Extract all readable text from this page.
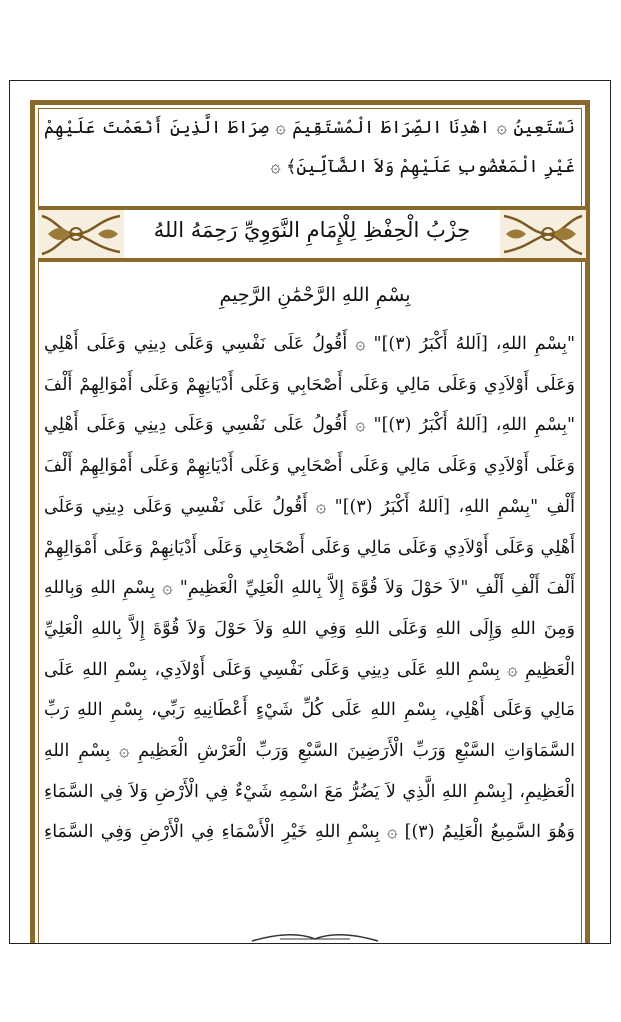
نَسْتَعِينُ ۞ اهْدِنَا الصِّرَاطَ الْمُسْتَقِيمَ ۞ صِرَاطَ الَّذِينَ أَنْعَمْتَ عَلَيْهِمْ غَيْرِ الْمَغْضُوبِ عَلَيْهِمْ وَلاَ الضَّآلِّينَ﴾ ۞
حِزْبُ الْحِفْظِ لِلْإِمَامِ النَّوَوِيِّ رَحِمَهُ اللهُ
بِسْمِ اللهِ الرَّحْمَٰنِ الرَّحِيمِ
"بِسْمِ اللهِ، [اَللهُ أَكْبَرُ (٣)]" ۞ أَقُولُ عَلَى نَفْسِي وَعَلَى دِينِي وَعَلَى أَهْلِي وَعَلَى أَوْلاَدِي وَعَلَى مَالِي وَعَلَى أَصْحَابِي وَعَلَى أَدْيَانِهِمْ وَعَلَى أَمْوَالِهِمْ أَلْفَ "بِسْمِ اللهِ، [اَللهُ أَكْبَرُ (٣)]" ۞ أَقُولُ عَلَى نَفْسِي وَعَلَى دِينِي وَعَلَى أَهْلِي وَعَلَى أَوْلاَدِي وَعَلَى مَالِي وَعَلَى أَصْحَابِي وَعَلَى أَدْيَانِهِمْ وَعَلَى أَمْوَالِهِمْ أَلْفَ أَلْفِ "بِسْمِ اللهِ، [اَللهُ أَكْبَرُ (٣)]" ۞ أَقُولُ عَلَى نَفْسِي وَعَلَى دِينِي وَعَلَى أَهْلِي وَعَلَى أَوْلاَدِي وَعَلَى مَالِي وَعَلَى أَصْحَابِي وَعَلَى أَدْيَانِهِمْ وَعَلَى أَمْوَالِهِمْ أَلْفَ أَلْفِ أَلْفِ "لاَ حَوْلَ وَلاَ قُوَّةَ إِلاَّ بِاللهِ الْعَلِيِّ الْعَظِيمِ" ۞ بِسْمِ اللهِ وَبِاللهِ وَمِنَ اللهِ وَإِلَى اللهِ وَعَلَى اللهِ وَفِي اللهِ وَلاَ حَوْلَ وَلاَ قُوَّةَ إِلاَّ بِاللهِ الْعَلِيِّ الْعَظِيمِ ۞ بِسْمِ اللهِ عَلَى دِينِي وَعَلَى نَفْسِي وَعَلَى أَوْلاَدِي، بِسْمِ اللهِ عَلَى مَالِي وَعَلَى أَهْلِي، بِسْمِ اللهِ عَلَى كُلِّ شَيْءٍ أَعْطَانِيهِ رَبِّي، بِسْمِ اللهِ رَبِّ السَّمَاوَاتِ السَّبْعِ وَرَبِّ الْأَرَضِينَ السَّبْعِ وَرَبِّ الْعَرْشِ الْعَظِيمِ ۞ بِسْمِ اللهِ الْعَظِيمِ، [بِسْمِ اللهِ الَّذِي لاَ يَضُرُّ مَعَ اسْمِهِ شَيْءٌ فِي الْأَرْضِ وَلاَ فِي السَّمَاءِ وَهُوَ السَّمِيعُ الْعَلِيمُ (٣)] ۞ بِسْمِ اللهِ خَيْرِ الْأَسْمَاءِ فِي الْأَرْضِ وَفِي السَّمَاءِ
